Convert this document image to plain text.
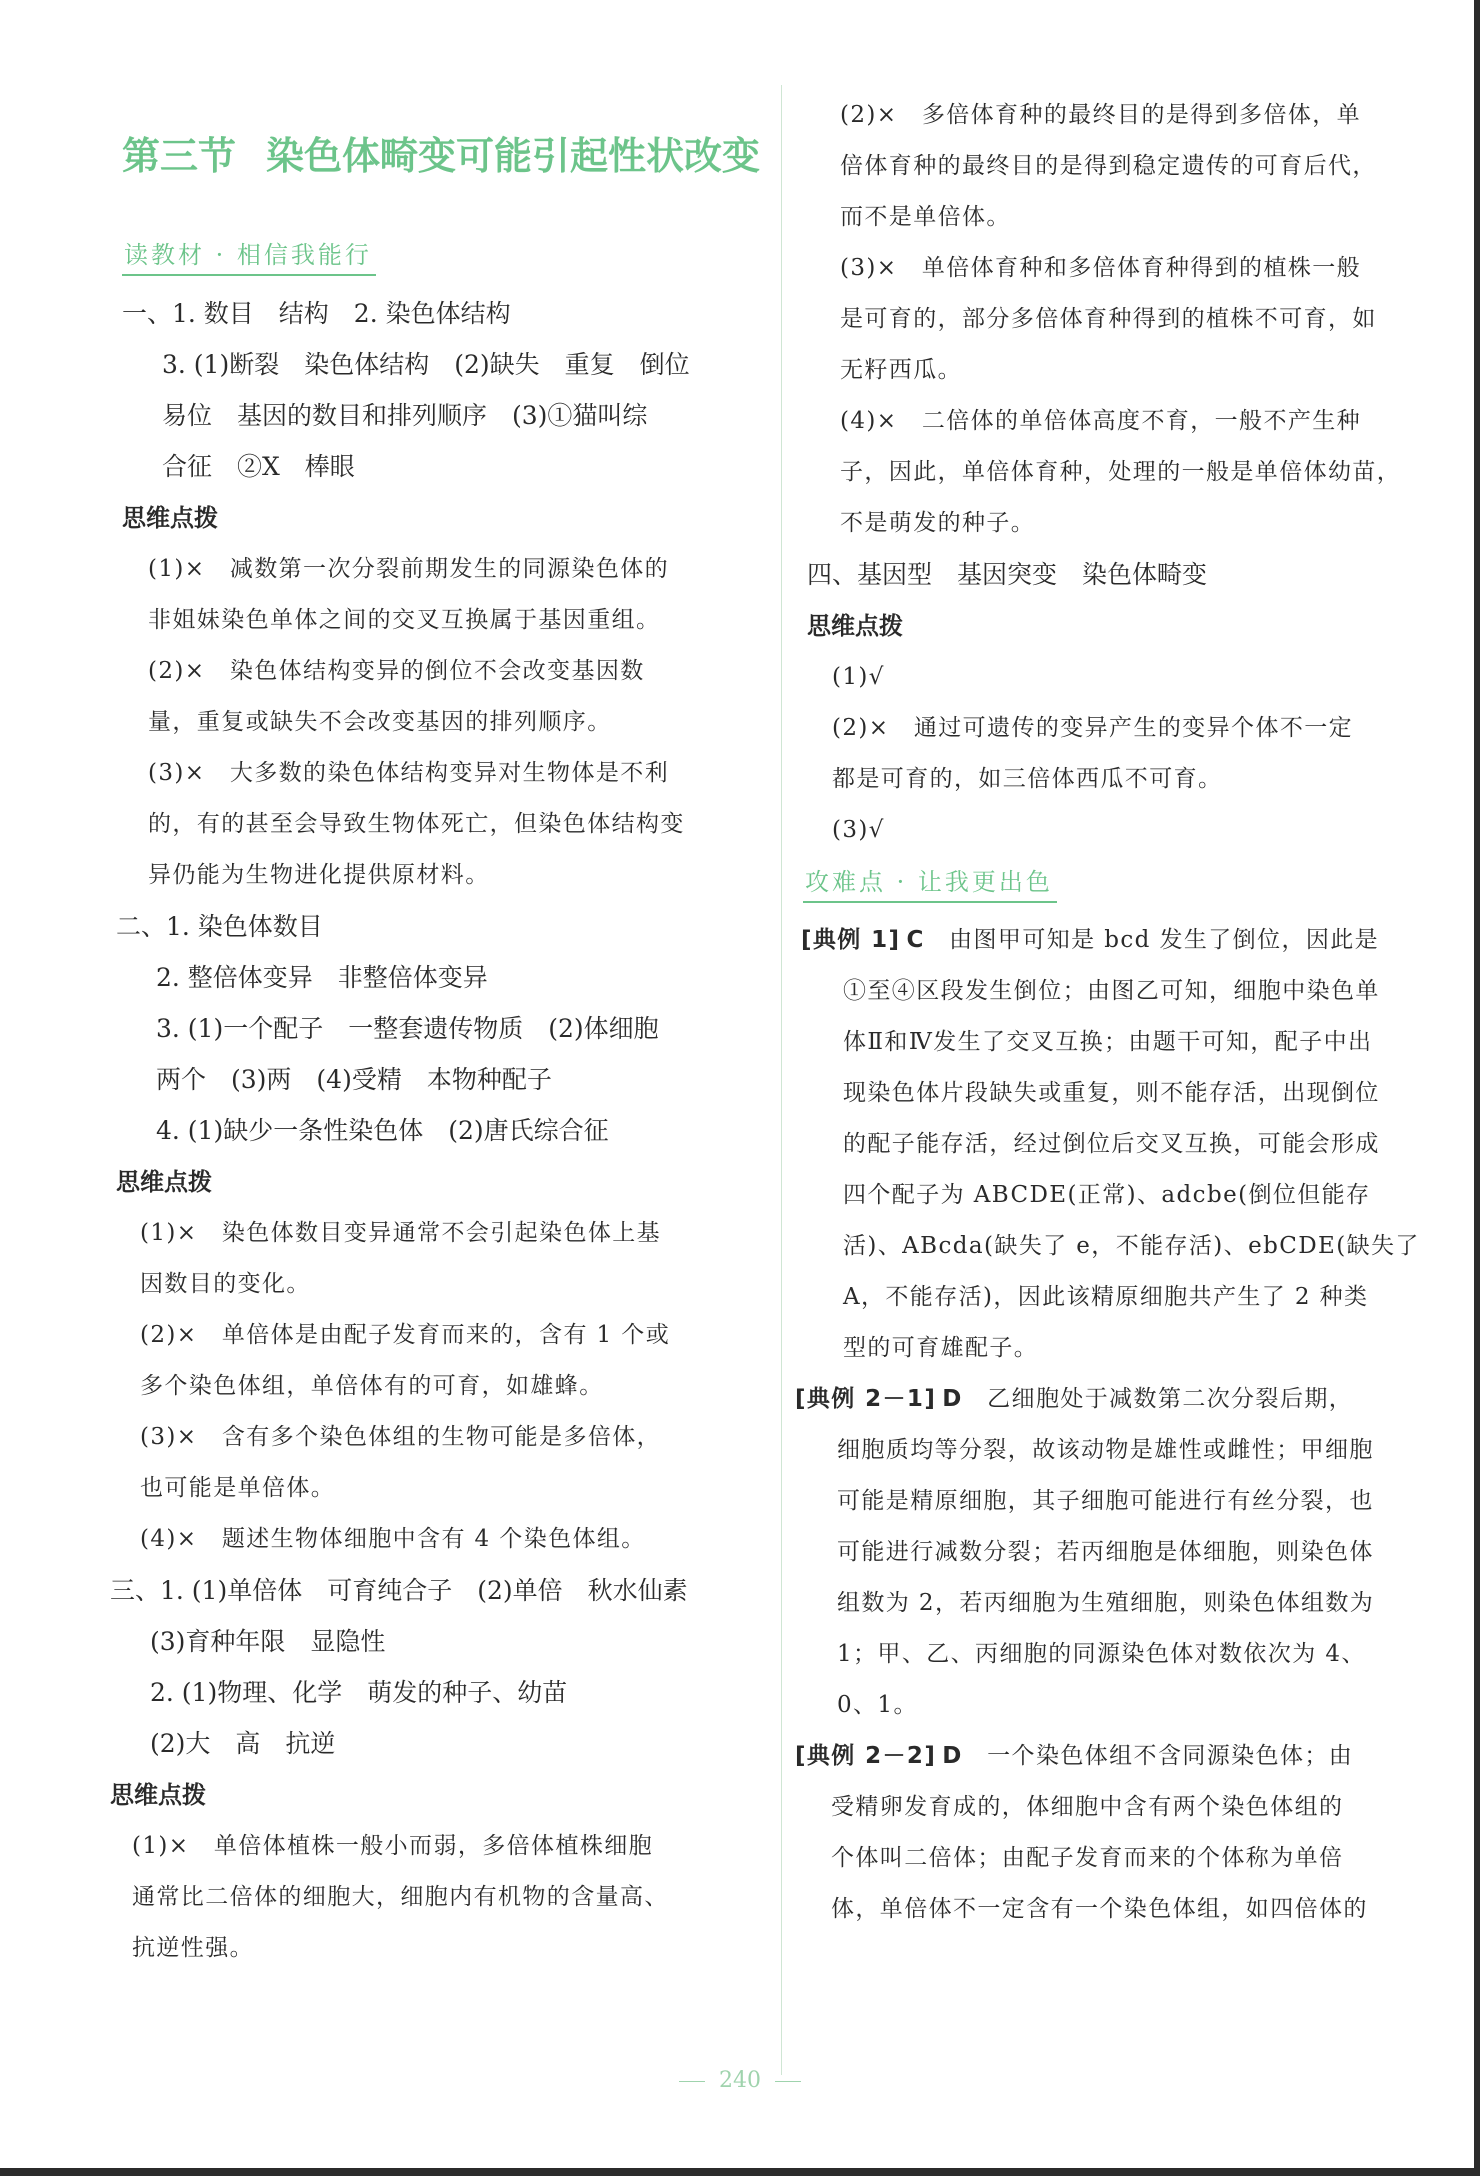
第三节 染色体畸变可能引起性状改变
读教材 · 相信我能行
一、1. 数目　结构　2. 染色体结构
3. (1)断裂　染色体结构　(2)缺失　重复　倒位
易位　基因的数目和排列顺序　(3)①猫叫综
合征　②X　棒眼
思维点拨
(1)×　减数第一次分裂前期发生的同源染色体的
非姐妹染色单体之间的交叉互换属于基因重组。
(2)×　染色体结构变异的倒位不会改变基因数
量，重复或缺失不会改变基因的排列顺序。
(3)×　大多数的染色体结构变异对生物体是不利
的，有的甚至会导致生物体死亡，但染色体结构变
异仍能为生物进化提供原材料。
二、1. 染色体数目
2. 整倍体变异　非整倍体变异
3. (1)一个配子　一整套遗传物质　(2)体细胞
两个　(3)两　(4)受精　本物种配子
4. (1)缺少一条性染色体　(2)唐氏综合征
思维点拨
(1)×　染色体数目变异通常不会引起染色体上基
因数目的变化。
(2)×　单倍体是由配子发育而来的，含有 1 个或
多个染色体组，单倍体有的可育，如雄蜂。
(3)×　含有多个染色体组的生物可能是多倍体，
也可能是单倍体。
(4)×　题述生物体细胞中含有 4 个染色体组。
三、1. (1)单倍体　可育纯合子　(2)单倍　秋水仙素
(3)育种年限　显隐性
2. (1)物理、化学　萌发的种子、幼苗
(2)大　高　抗逆
思维点拨
(1)×　单倍体植株一般小而弱，多倍体植株细胞
通常比二倍体的细胞大，细胞内有机物的含量高、
抗逆性强。
(2)×　多倍体育种的最终目的是得到多倍体，单
倍体育种的最终目的是得到稳定遗传的可育后代，
而不是单倍体。
(3)×　单倍体育种和多倍体育种得到的植株一般
是可育的，部分多倍体育种得到的植株不可育，如
无籽西瓜。
(4)×　二倍体的单倍体高度不育，一般不产生种
子，因此，单倍体育种，处理的一般是单倍体幼苗，
不是萌发的种子。
四、基因型　基因突变　染色体畸变
思维点拨
(1)√
(2)×　通过可遗传的变异产生的变异个体不一定
都是可育的，如三倍体西瓜不可育。
(3)√
攻难点 · 让我更出色
[典例 1] C　由图甲可知是 bcd 发生了倒位，因此是
①至④区段发生倒位；由图乙可知，细胞中染色单
体Ⅱ和Ⅳ发生了交叉互换；由题干可知，配子中出
现染色体片段缺失或重复，则不能存活，出现倒位
的配子能存活，经过倒位后交叉互换，可能会形成
四个配子为 ABCDE(正常)、adcbe(倒位但能存
活)、ABcda(缺失了 e，不能存活)、ebCDE(缺失了
A，不能存活)，因此该精原细胞共产生了 2 种类
型的可育雄配子。
[典例 2－1] D　乙细胞处于减数第二次分裂后期，
细胞质均等分裂，故该动物是雄性或雌性；甲细胞
可能是精原细胞，其子细胞可能进行有丝分裂，也
可能进行减数分裂；若丙细胞是体细胞，则染色体
组数为 2，若丙细胞为生殖细胞，则染色体组数为
1；甲、乙、丙细胞的同源染色体对数依次为 4、
0、1。
[典例 2－2] D　一个染色体组不含同源染色体；由
受精卵发育成的，体细胞中含有两个染色体组的
个体叫二倍体；由配子发育而来的个体称为单倍
体，单倍体不一定含有一个染色体组，如四倍体的
240
